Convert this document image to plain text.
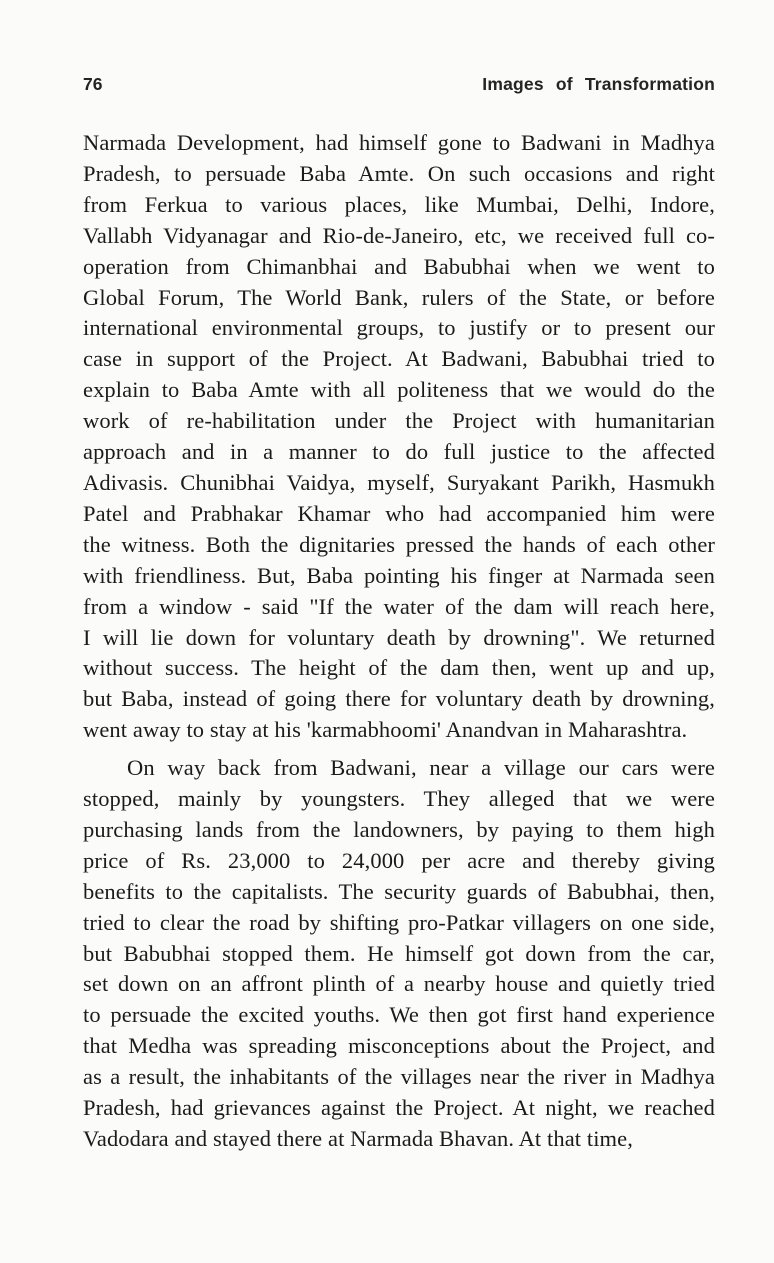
76	Images of Transformation
Narmada Development, had himself gone to Badwani in Madhya
Pradesh, to persuade Baba Amte. On such occasions and right
from Ferkua to various places, like Mumbai, Delhi, Indore,
Vallabh Vidyanagar and Rio-de-Janeiro, etc, we received full co-
operation from Chimanbhai and Babubhai when we went to
Global Forum, The World Bank, rulers of the State, or before
international environmental groups, to justify or to present our
case in support of the Project. At Badwani, Babubhai tried to
explain to Baba Amte with all politeness that we would do the
work of re-habilitation under the Project with humanitarian
approach and in a manner to do full justice to the affected
Adivasis. Chunibhai Vaidya, myself, Suryakant Parikh, Hasmukh
Patel and Prabhakar Khamar who had accompanied him were
the witness. Both the dignitaries pressed the hands of each other
with friendliness. But, Baba pointing his finger at Narmada seen
from a window - said "If the water of the dam will reach here,
I will lie down for voluntary death by drowning". We returned
without success. The height of the dam then, went up and up,
but Baba, instead of going there for voluntary death by drowning,
went away to stay at his 'karmabhoomi' Anandvan in Maharashtra.
On way back from Badwani, near a village our cars were
stopped, mainly by youngsters. They alleged that we were
purchasing lands from the landowners, by paying to them high
price of Rs. 23,000 to 24,000 per acre and thereby giving
benefits to the capitalists. The security guards of Babubhai, then,
tried to clear the road by shifting pro-Patkar villagers on one side,
but Babubhai stopped them. He himself got down from the car,
set down on an affront plinth of a nearby house and quietly tried
to persuade the excited youths. We then got first hand experience
that Medha was spreading misconceptions about the Project, and
as a result, the inhabitants of the villages near the river in Madhya
Pradesh, had grievances against the Project. At night, we reached
Vadodara and stayed there at Narmada Bhavan. At that time,
